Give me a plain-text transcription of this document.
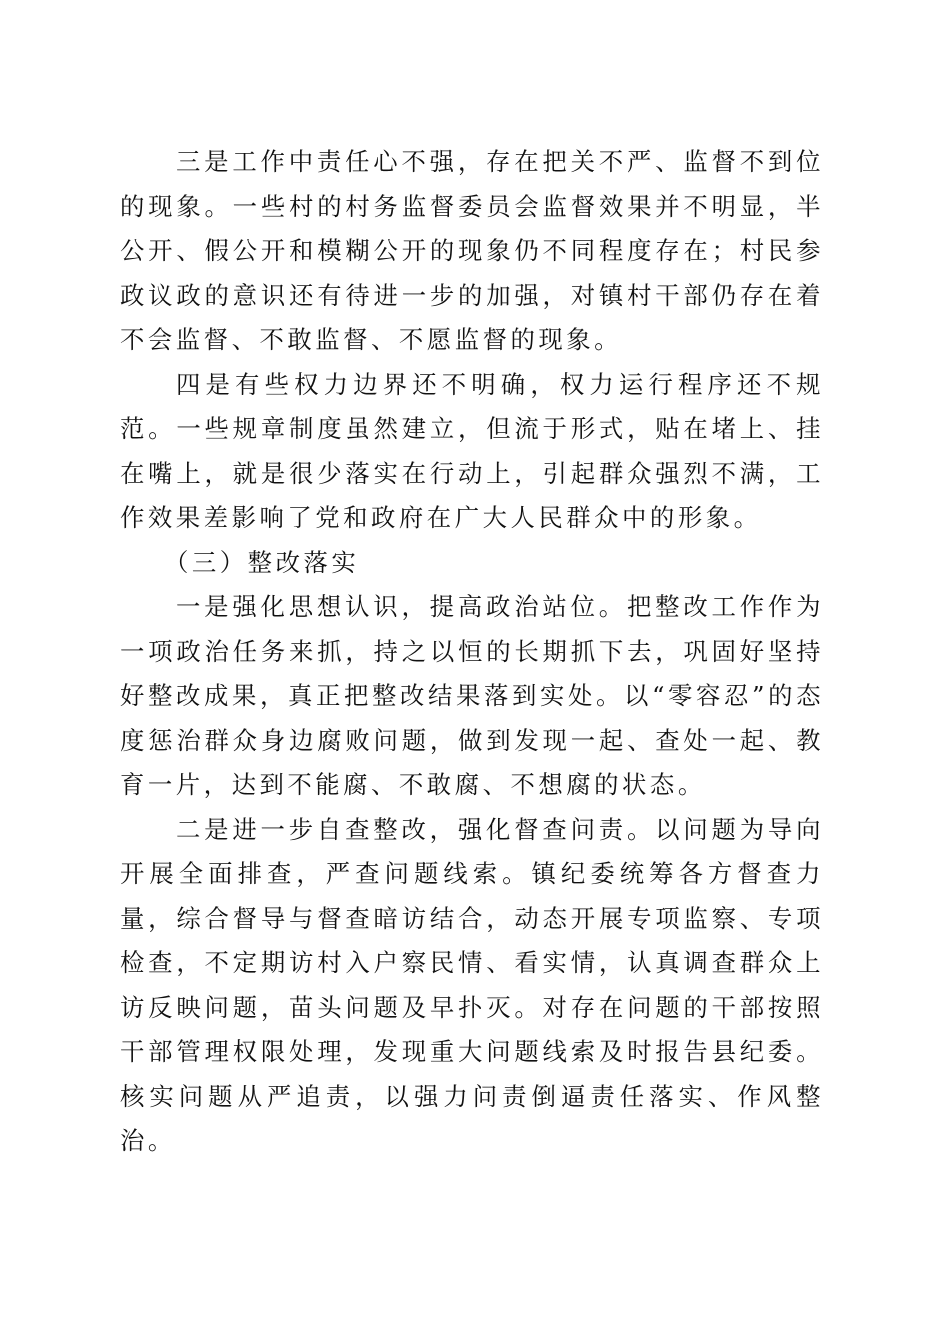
三是工作中责任心不强，存在把关不严、监督不到位的现象。一些村的村务监督委员会监督效果并不明显，半公开、假公开和模糊公开的现象仍不同程度存在；村民参政议政的意识还有待进一步的加强，对镇村干部仍存在着不会监督、不敢监督、不愿监督的现象。

四是有些权力边界还不明确，权力运行程序还不规范。一些规章制度虽然建立，但流于形式，贴在堵上、挂在嘴上，就是很少落实在行动上，引起群众强烈不满，工作效果差影响了党和政府在广大人民群众中的形象。

（三）整改落实

一是强化思想认识，提高政治站位。把整改工作作为一项政治任务来抓，持之以恒的长期抓下去，巩固好坚持好整改成果，真正把整改结果落到实处。以“零容忍”的态度惩治群众身边腐败问题，做到发现一起、查处一起、教育一片，达到不能腐、不敢腐、不想腐的状态。

二是进一步自查整改，强化督查问责。以问题为导向开展全面排查，严查问题线索。镇纪委统筹各方督查力量，综合督导与督查暗访结合，动态开展专项监察、专项检查，不定期访村入户察民情、看实情，认真调查群众上访反映问题，苗头问题及早扑灭。对存在问题的干部按照干部管理权限处理，发现重大问题线索及时报告县纪委。核实问题从严追责，以强力问责倒逼责任落实、作风整治。
